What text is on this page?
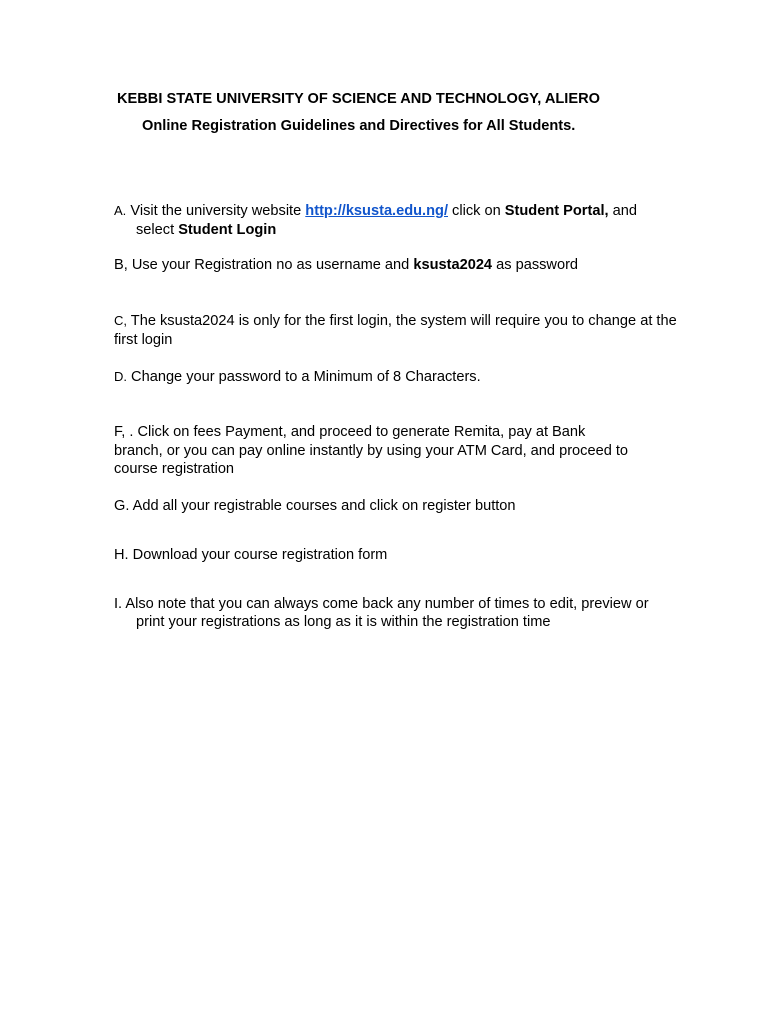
KEBBI STATE UNIVERSITY OF SCIENCE AND TECHNOLOGY, ALIERO
Online Registration Guidelines and Directives for All Students.
A. Visit the university website http://ksusta.edu.ng/ click on Student Portal, and
select Student Login
B, Use your Registration no as username and ksusta2024 as password
C, The ksusta2024 is only for the first login, the system will require you to change at the first login
D. Change your password to a Minimum of 8 Characters.
F, . Click on fees Payment, and proceed to generate Remita, pay at Bank
branch, or you can pay online instantly by using your ATM Card, and proceed to
course registration
G. Add all your registrable courses and click on register button
H. Download your course registration form
I. Also note that you can always come back any number of times to edit, preview or
print your registrations as long as it is within the registration time
